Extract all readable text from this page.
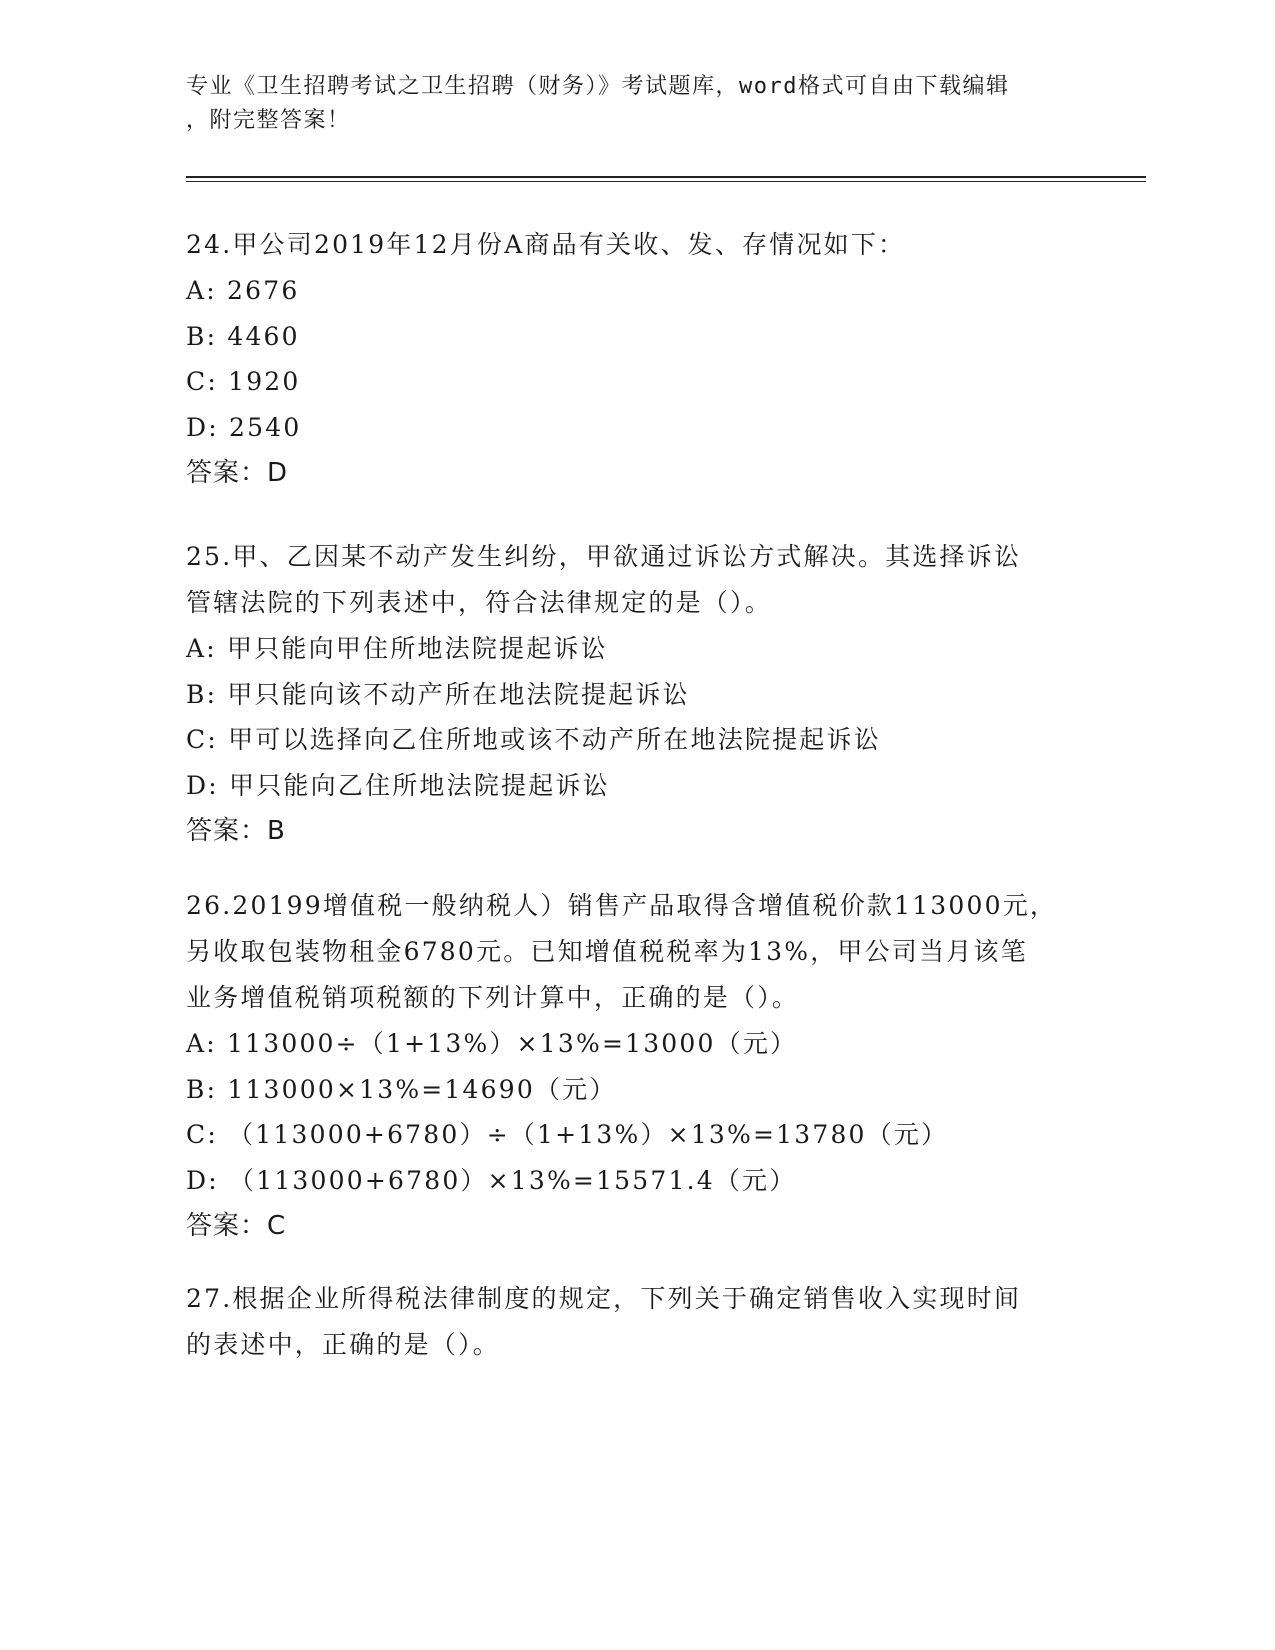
专业《卫生招聘考试之卫生招聘（财务）》考试题库，word格式可自由下载编辑
，附完整答案！
24.甲公司2019年12月份A商品有关收、发、存情况如下：
A: 2676
B: 4460
C: 1920
D: 2540
答案：D
25.甲、乙因某不动产发生纠纷，甲欲通过诉讼方式解决。其选择诉讼
管辖法院的下列表述中，符合法律规定的是（）。
A: 甲只能向甲住所地法院提起诉讼
B: 甲只能向该不动产所在地法院提起诉讼
C: 甲可以选择向乙住所地或该不动产所在地法院提起诉讼
D: 甲只能向乙住所地法院提起诉讼
答案：B
26.20199增值税一般纳税人）销售产品取得含增值税价款113000元，
另收取包装物租金6780元。已知增值税税率为13%，甲公司当月该笔
业务增值税销项税额的下列计算中，正确的是（）。
A: 113000÷（1+13%）×13%=13000（元）
B: 113000×13%=14690（元）
C: （113000+6780）÷（1+13%）×13%=13780（元）
D: （113000+6780）×13%=15571.4（元）
答案：C
27.根据企业所得税法律制度的规定，下列关于确定销售收入实现时间
的表述中，正确的是（）。
